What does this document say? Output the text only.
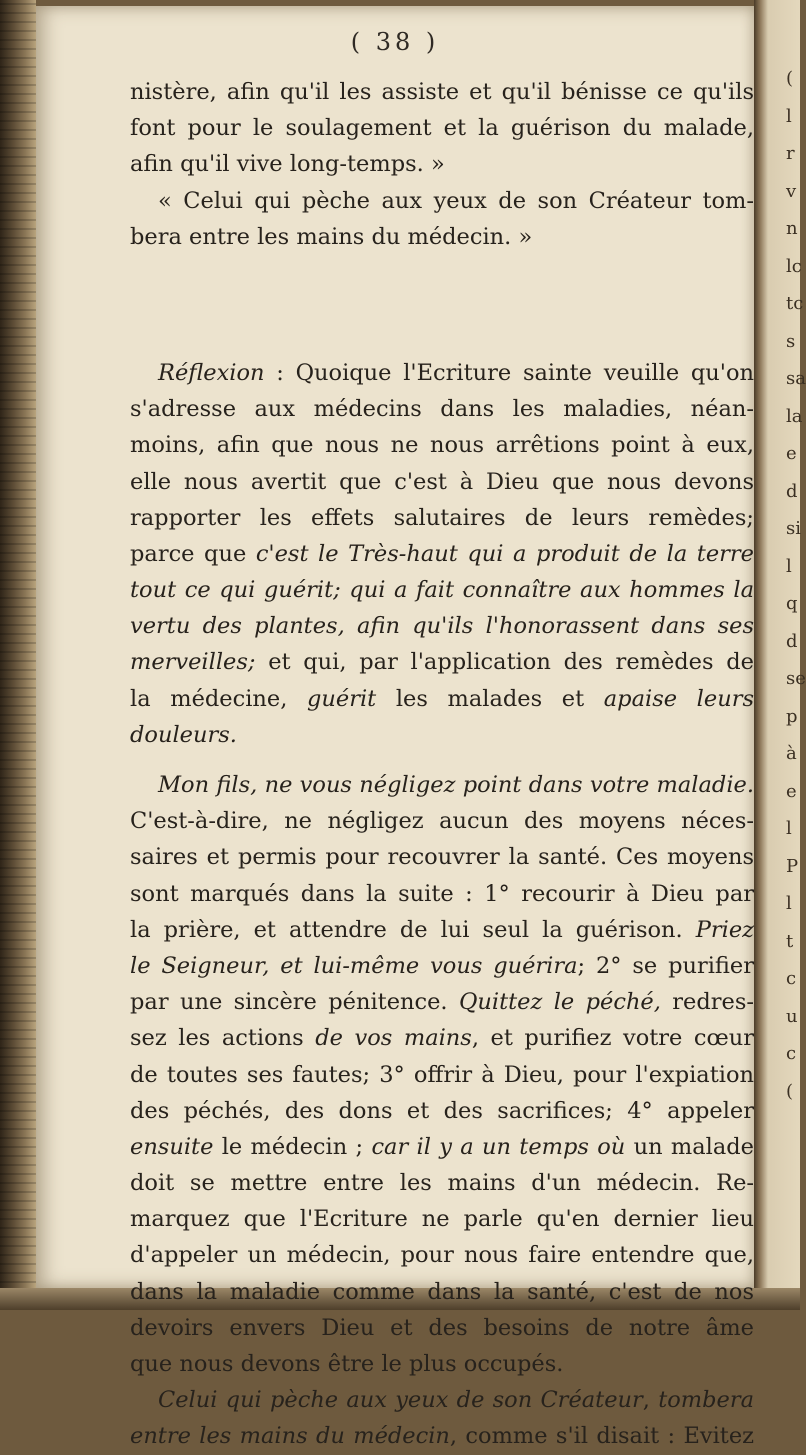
(
l
r
v
n
lc
tc
s
sa
la
e
d
si
l
q
d
se
p
à
e
l
P
l
t
c
u
c
(
( 38 )
nistère, afin qu'il les assiste et qu'il bénisse ce qu'ils
font pour le soulagement et la guérison du malade,
afin qu'il vive long-temps. »
« Celui qui pèche aux yeux de son Créateur tom-
bera entre les mains du médecin. »
Réflexion : Quoique l'Ecriture sainte veuille qu'on
s'adresse aux médecins dans les maladies, néan-
moins, afin que nous ne nous arrêtions point à eux,
elle nous avertit que c'est à Dieu que nous devons
rapporter les effets salutaires de leurs remèdes;
parce que c'est le Très-haut qui a produit de la terre
tout ce qui guérit; qui a fait connaître aux hommes la
vertu des plantes, afin qu'ils l'honorassent dans ses
merveilles; et qui, par l'application des remèdes de
la médecine, guérit les malades et apaise leurs
douleurs.
Mon fils, ne vous négligez point dans votre maladie.
C'est-à-dire, ne négligez aucun des moyens néces-
saires et permis pour recouvrer la santé. Ces moyens
sont marqués dans la suite : 1° recourir à Dieu par
la prière, et attendre de lui seul la guérison. Priez
le Seigneur, et lui-même vous guérira; 2° se purifier
par une sincère pénitence. Quittez le péché, redres-
sez les actions de vos mains, et purifiez votre cœur
de toutes ses fautes; 3° offrir à Dieu, pour l'expiation
des péchés, des dons et des sacrifices; 4° appeler
ensuite le médecin ; car il y a un temps où un malade
doit se mettre entre les mains d'un médecin. Re-
marquez que l'Ecriture ne parle qu'en dernier lieu
d'appeler un médecin, pour nous faire entendre que,
dans la maladie comme dans la santé, c'est de nos
devoirs envers Dieu et des besoins de notre âme
que nous devons être le plus occupés.
Celui qui pèche aux yeux de son Créateur, tombera
entre les mains du médecin, comme s'il disait : Evitez
